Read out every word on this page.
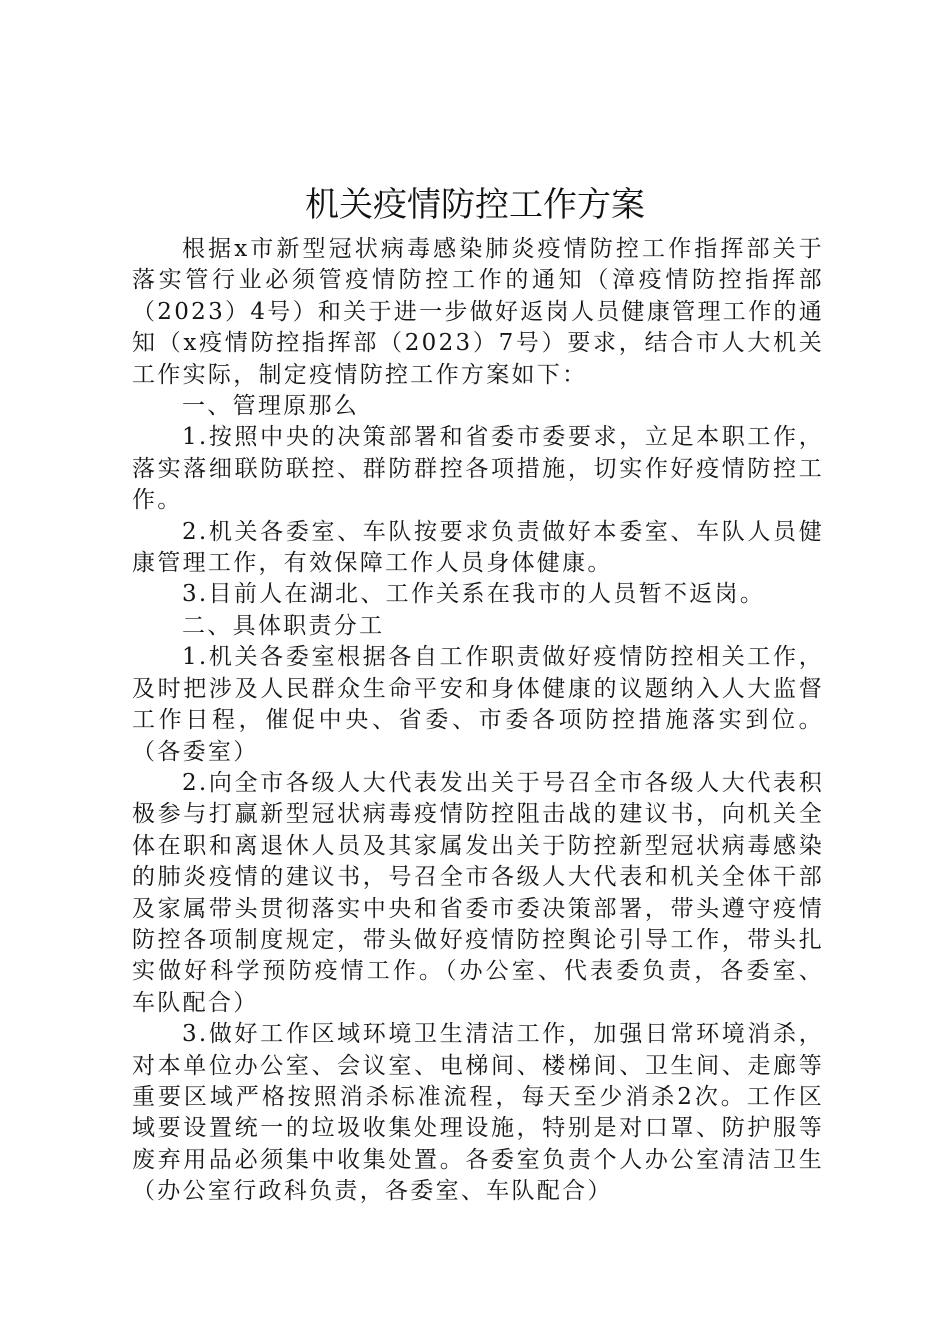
机关疫情防控工作方案

根据x市新型冠状病毒感染肺炎疫情防控工作指挥部关于落实管行业必须管疫情防控工作的通知（漳疫情防控指挥部（2023）4号）和关于进一步做好返岗人员健康管理工作的通知（x疫情防控指挥部（2023）7号）要求，结合市人大机关工作实际，制定疫情防控工作方案如下：

一、管理原那么

1.按照中央的决策部署和省委市委要求，立足本职工作，落实落细联防联控、群防群控各项措施，切实作好疫情防控工作。

2.机关各委室、车队按要求负责做好本委室、车队人员健康管理工作，有效保障工作人员身体健康。

3.目前人在湖北、工作关系在我市的人员暂不返岗。

二、具体职责分工

1.机关各委室根据各自工作职责做好疫情防控相关工作，及时把涉及人民群众生命平安和身体健康的议题纳入人大监督工作日程，催促中央、省委、市委各项防控措施落实到位。（各委室）

2.向全市各级人大代表发出关于号召全市各级人大代表积极参与打赢新型冠状病毒疫情防控阻击战的建议书，向机关全体在职和离退休人员及其家属发出关于防控新型冠状病毒感染的肺炎疫情的建议书，号召全市各级人大代表和机关全体干部及家属带头贯彻落实中央和省委市委决策部署，带头遵守疫情防控各项制度规定，带头做好疫情防控舆论引导工作，带头扎实做好科学预防疫情工作。（办公室、代表委负责，各委室、车队配合）

3.做好工作区域环境卫生清洁工作，加强日常环境消杀，对本单位办公室、会议室、电梯间、楼梯间、卫生间、走廊等重要区域严格按照消杀标准流程，每天至少消杀2次。工作区域要设置统一的垃圾收集处理设施，特别是对口罩、防护服等废弃用品必须集中收集处置。各委室负责个人办公室清洁卫生（办公室行政科负责，各委室、车队配合）
